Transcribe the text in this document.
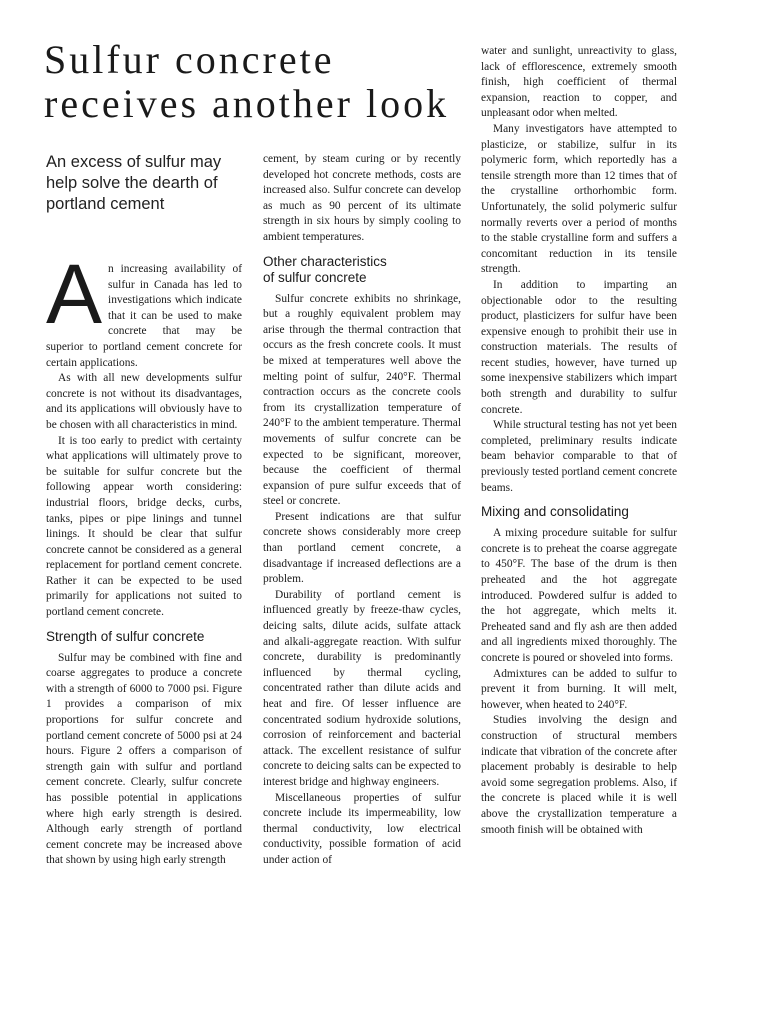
Sulfur concrete
receives another look
An excess of sulfur may help solve the dearth of portland cement

An increasing availability of sulfur in Canada has led to investigations which indicate that it can be used to make concrete that may be superior to portland cement concrete for certain applications.

As with all new developments sulfur concrete is not without its disadvantages, and its applications will obviously have to be chosen with all characteristics in mind.

It is too early to predict with certainty what applications will ultimately prove to be suitable for sulfur concrete but the following appear worth considering: industrial floors, bridge decks, curbs, tanks, pipes or pipe linings and tunnel linings. It should be clear that sulfur concrete cannot be considered as a general replacement for portland cement concrete. Rather it can be expected to be used primarily for applications not suited to portland cement concrete.

Strength of sulfur concrete

Sulfur may be combined with fine and coarse aggregates to produce a concrete with a strength of 6000 to 7000 psi. Figure 1 provides a comparison of mix proportions for sulfur concrete and portland cement concrete of 5000 psi at 24 hours. Figure 2 offers a comparison of strength gain with sulfur and portland cement concrete. Clearly, sulfur concrete has possible potential in applications where high early strength is desired. Although early strength of portland cement concrete may be increased above that shown by using high early strength

cement, by steam curing or by recently developed hot concrete methods, costs are increased also. Sulfur concrete can develop as much as 90 percent of its ultimate strength in six hours by simply cooling to ambient temperatures.

Other characteristics
of sulfur concrete

Sulfur concrete exhibits no shrinkage, but a roughly equivalent problem may arise through the thermal contraction that occurs as the fresh concrete cools. It must be mixed at temperatures well above the melting point of sulfur, 240°F. Thermal contraction occurs as the concrete cools from its crystallization temperature of 240°F to the ambient temperature. Thermal movements of sulfur concrete can be expected to be significant, moreover, because the coefficient of thermal expansion of pure sulfur exceeds that of steel or concrete.

Present indications are that sulfur concrete shows considerably more creep than portland cement concrete, a disadvantage if increased deflections are a problem.

Durability of portland cement is influenced greatly by freeze-thaw cycles, deicing salts, dilute acids, sulfate attack and alkali-aggregate reaction. With sulfur concrete, durability is predominantly influenced by thermal cycling, concentrated rather than dilute acids and heat and fire. Of lesser influence are concentrated sodium hydroxide solutions, corrosion of reinforcement and bacterial attack. The excellent resistance of sulfur concrete to deicing salts can be expected to interest bridge and highway engineers.

Miscellaneous properties of sulfur concrete include its impermeability, low thermal conductivity, low electrical conductivity, possible formation of acid under action of

water and sunlight, unreactivity to glass, lack of efflorescence, extremely smooth finish, high coefficient of thermal expansion, reaction to copper, and unpleasant odor when melted.

Many investigators have attempted to plasticize, or stabilize, sulfur in its polymeric form, which reportedly has a tensile strength more than 12 times that of the crystalline orthorhombic form. Unfortunately, the solid polymeric sulfur normally reverts over a period of months to the stable crystalline form and suffers a concomitant reduction in its tensile strength.

In addition to imparting an objectionable odor to the resulting product, plasticizers for sulfur have been expensive enough to prohibit their use in construction materials. The results of recent studies, however, have turned up some inexpensive stabilizers which impart both strength and durability to sulfur concrete.

While structural testing has not yet been completed, preliminary results indicate beam behavior comparable to that of previously tested portland cement concrete beams.

Mixing and consolidating

A mixing procedure suitable for sulfur concrete is to preheat the coarse aggregate to 450°F. The base of the drum is then preheated and the hot aggregate introduced. Powdered sulfur is added to the hot aggregate, which melts it. Preheated sand and fly ash are then added and all ingredients mixed thoroughly. The concrete is poured or shoveled into forms.

Admixtures can be added to sulfur to prevent it from burning. It will melt, however, when heated to 240°F.

Studies involving the design and construction of structural members indicate that vibration of the concrete after placement probably is desirable to help avoid some segregation problems. Also, if the concrete is placed while it is well above the crystallization temperature a smooth finish will be obtained with
